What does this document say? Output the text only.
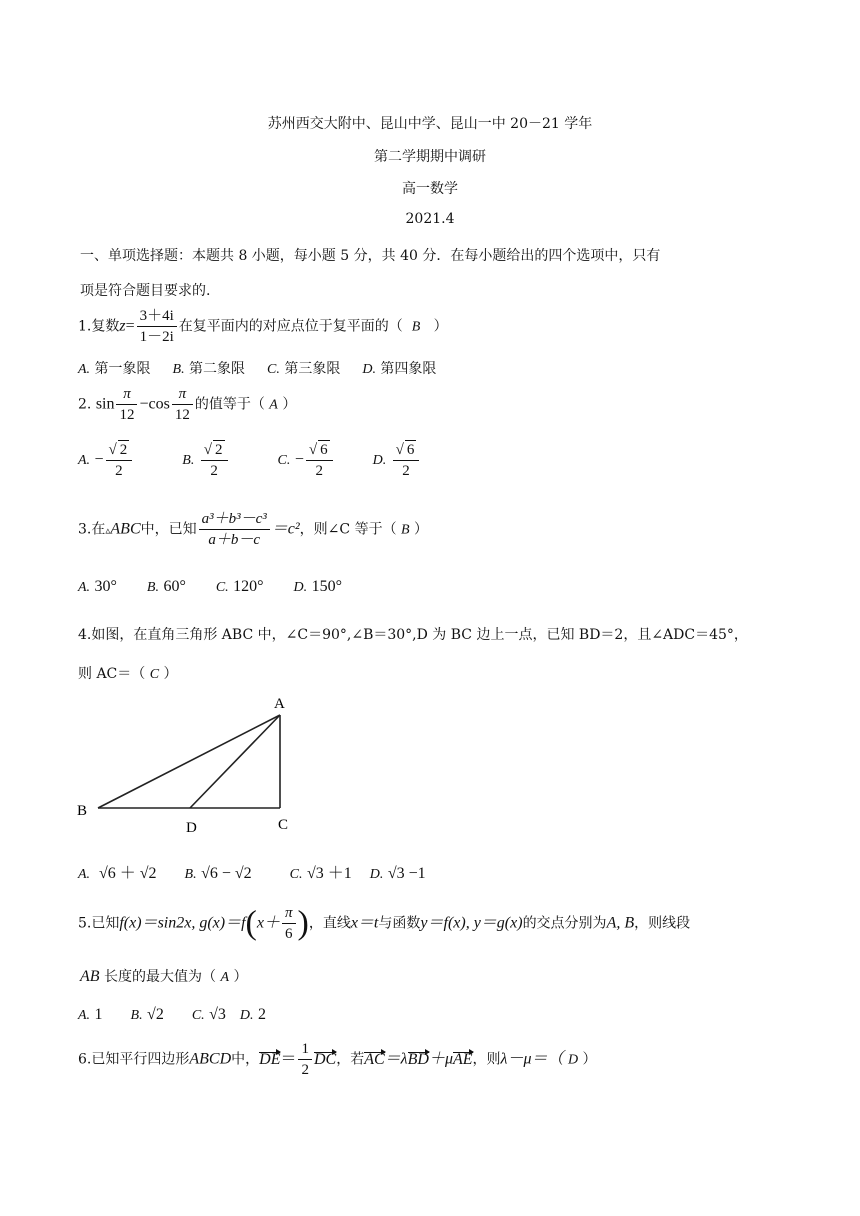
苏州西交大附中、昆山中学、昆山一中 20－21 学年
第二学期期中调研
高一数学
2021.4
一、单项选择题：本题共 8 小题，每小题 5 分，共 40 分．在每小题给出的四个选项中，只有
项是符合题目要求的.
1.复数$z= \frac{3+4i}{1-2i}$ 在复平面内的对应点位于复平面的（ B ）
A. 第一象限 B. 第二象限 C. 第三象限 D. 第四象限
2. $\sin \frac{\pi}{12} -\cos \frac{\pi}{12}$ 的值等于（ A ）
A. − $\frac{√ 2}{2}$	B. $\frac{√ 2}{2}$	C. − $\frac{√ 6}{2}$	D. $\frac{√ 6}{2}$
3.在▵ABC中，已知 $\frac{\text{a³＋b³－c³}}{a+b-c} =c^2$，则∠C 等于（ B ）
A. 30° B. 60° C. 120° D. 150°
4.如图，在直角三角形 ABC 中，∠C＝90°,∠B＝30°,D 为 BC 边上一点，已知 BD＝2，且∠ADC＝45°，
则 AC＝（ C ）
A
B
C
D
A. √6 ＋ √2 B. √6 − √2	C. √3 ＋1 D. √3 −1
5.已知f(x)＝sin2x, $g(x)=f(x+ \frac{\pi}{6}$ )，直线x＝t与函数y＝f(x), y＝g(x)的交点分别为A, B，则线段
AB 长度的最大值为（ A ）
A. 1 B. √2 C. √3 D. 2
6.已知平行四边形ABCD中，$DE= \frac{1}{2}$ DC，若AC＝λBD＋μAE，则λ－μ＝（ D ）
